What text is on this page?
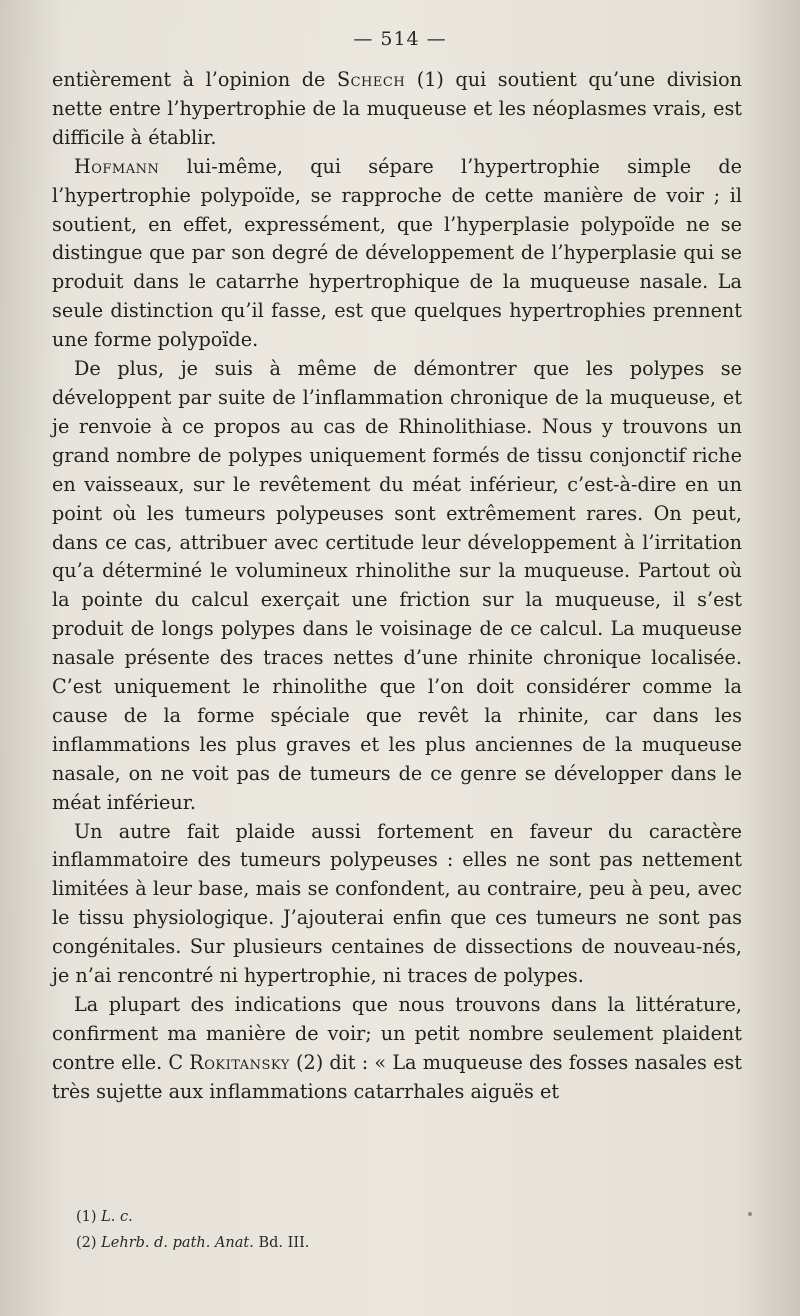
— 514 —

entièrement à l’opinion de Schech (1) qui soutient qu’une division nette entre l’hypertrophie de la muqueuse et les néoplasmes vrais, est difficile à établir.

Hofmann lui-même, qui sépare l’hypertrophie simple de l’hypertrophie polypoïde, se rapproche de cette manière de voir ; il soutient, en effet, expressément, que l’hyperplasie polypoïde ne se distingue que par son degré de développement de l’hyperplasie qui se produit dans le catarrhe hypertrophique de la muqueuse nasale. La seule distinction qu’il fasse, est que quelques hypertrophies prennent une forme polypoïde.

De plus, je suis à même de démontrer que les polypes se développent par suite de l’inflammation chronique de la muqueuse, et je renvoie à ce propos au cas de Rhinolithiase. Nous y trouvons un grand nombre de polypes uniquement formés de tissu conjonctif riche en vaisseaux, sur le revêtement du méat inférieur, c’est-à-dire en un point où les tumeurs polypeuses sont extrêmement rares. On peut, dans ce cas, attribuer avec certitude leur développement à l’irritation qu’a déterminé le volumineux rhinolithe sur la muqueuse. Partout où la pointe du calcul exerçait une friction sur la muqueuse, il s’est produit de longs polypes dans le voisinage de ce calcul. La muqueuse nasale présente des traces nettes d’une rhinite chronique localisée. C’est uniquement le rhinolithe que l’on doit considérer comme la cause de la forme spéciale que revêt la rhinite, car dans les inflammations les plus graves et les plus anciennes de la muqueuse nasale, on ne voit pas de tumeurs de ce genre se développer dans le méat inférieur.

Un autre fait plaide aussi fortement en faveur du caractère inflammatoire des tumeurs polypeuses : elles ne sont pas nettement limitées à leur base, mais se confondent, au contraire, peu à peu, avec le tissu physiologique. J’ajouterai enfin que ces tumeurs ne sont pas congénitales. Sur plusieurs centaines de dissections de nouveau-nés, je n’ai rencontré ni hypertrophie, ni traces de polypes.

La plupart des indications que nous trouvons dans la littérature, confirment ma manière de voir; un petit nombre seulement plaident contre elle. C Rokitansky (2) dit : « La muqueuse des fosses nasales est très sujette aux inflammations catarrhales aiguës et

(1) L. c.
(2) Lehrb. d. path. Anat. Bd. III.
